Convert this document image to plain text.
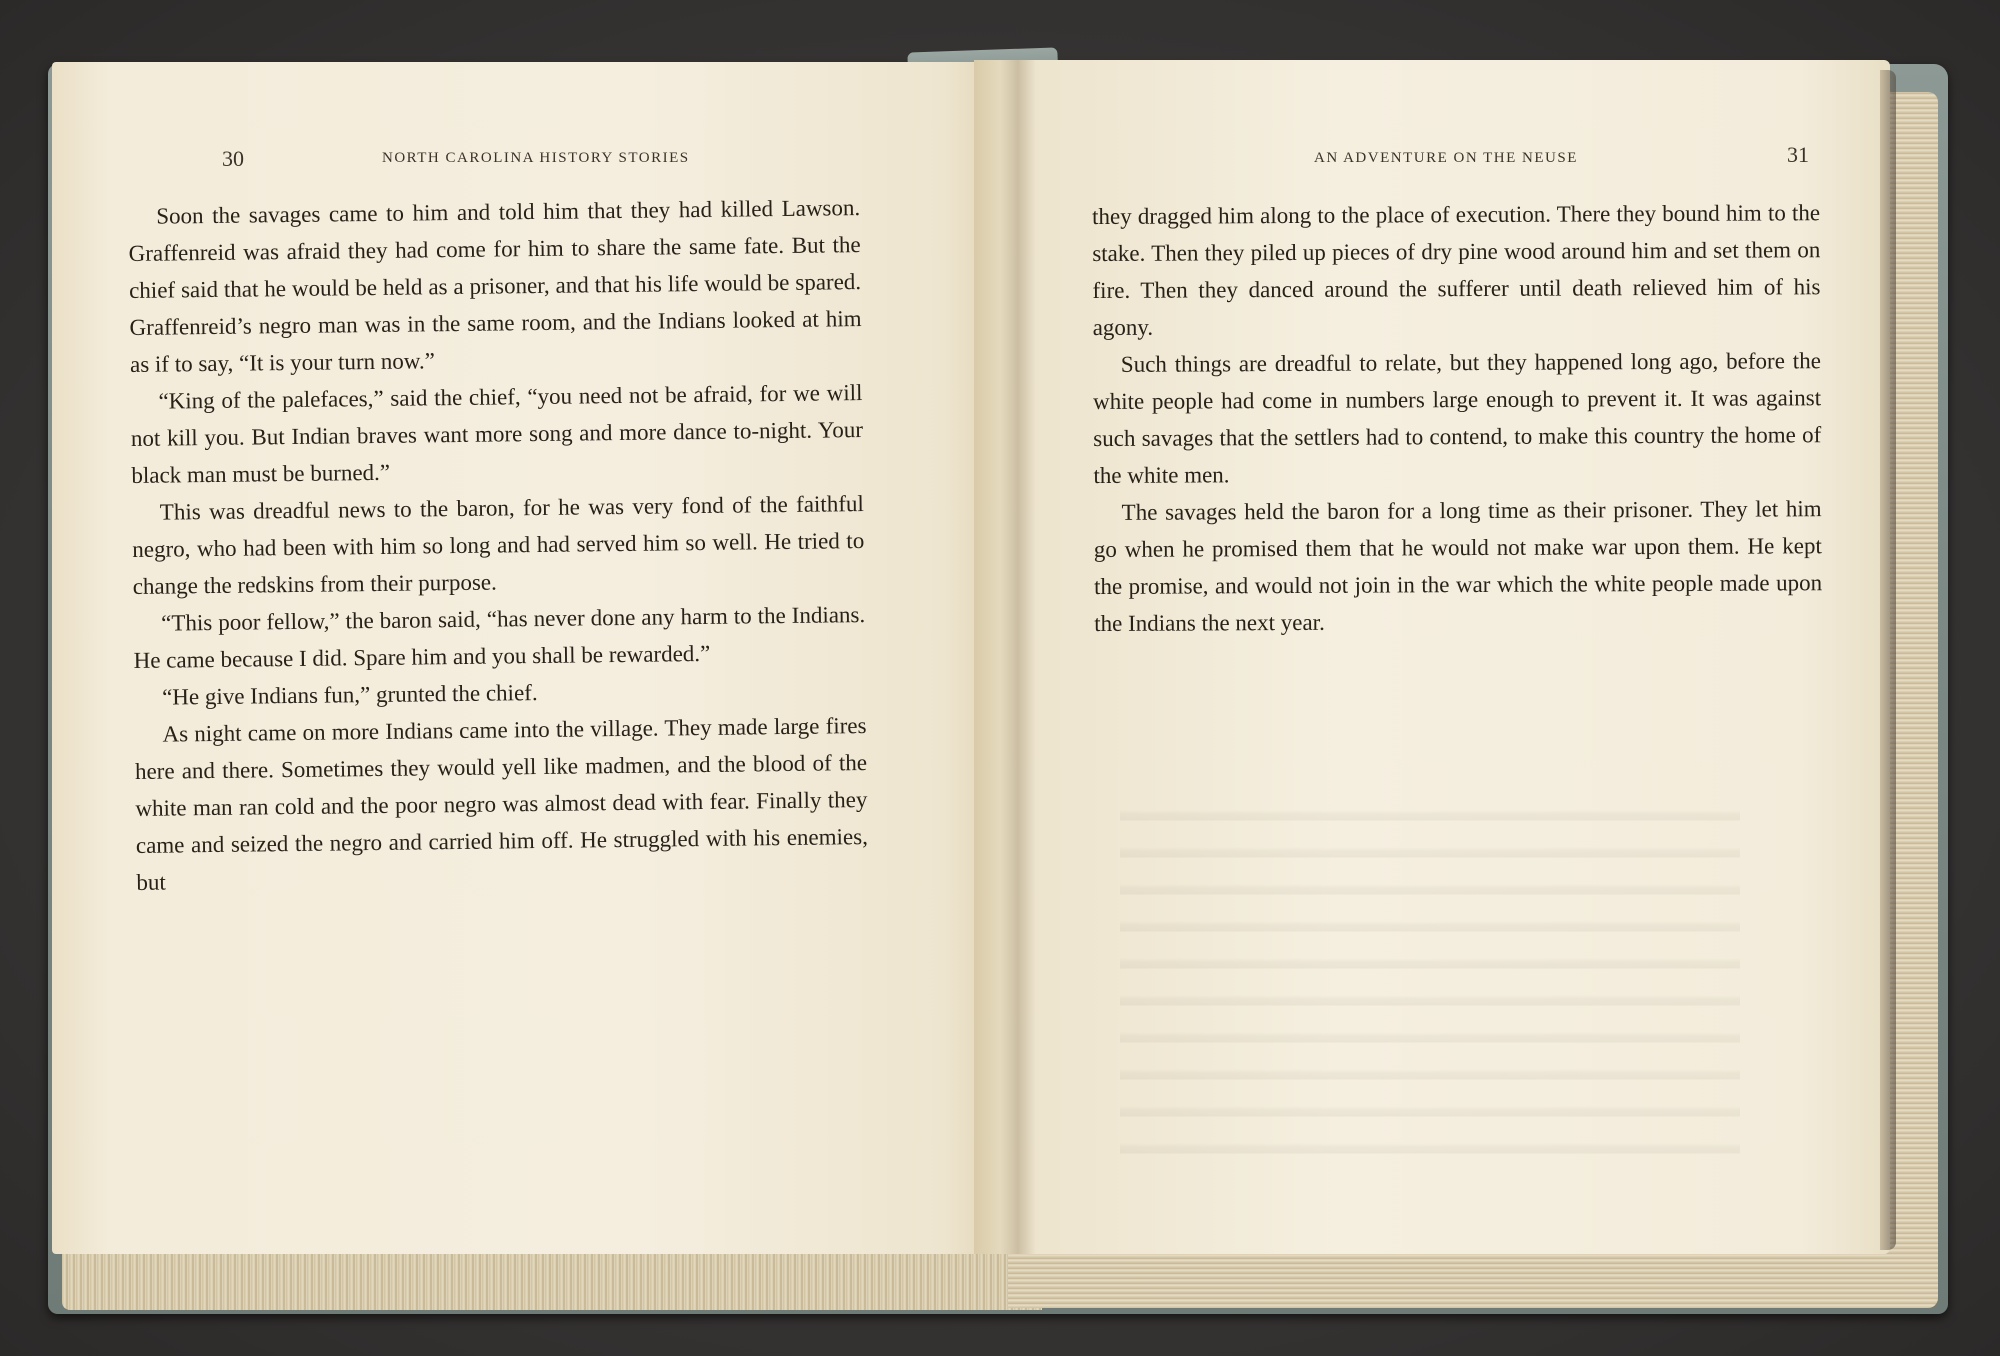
30	NORTH CAROLINA HISTORY STORIES	AN ADVENTURE ON THE NEUSE	31

Soon the savages came to him and told him that they had killed Lawson. Graffenreid was afraid they had come for him to share the same fate. But the chief said that he would be held as a prisoner, and that his life would be spared. Graffenreid’s negro man was in the same room, and the Indians looked at him as if to say, “It is your turn now.”

“King of the palefaces,” said the chief, “you need not be afraid, for we will not kill you. But Indian braves want more song and more dance to-night. Your black man must be burned.”

This was dreadful news to the baron, for he was very fond of the faithful negro, who had been with him so long and had served him so well. He tried to change the redskins from their purpose.

“This poor fellow,” the baron said, “has never done any harm to the Indians. He came because I did. Spare him and you shall be rewarded.”

“He give Indians fun,” grunted the chief.

As night came on more Indians came into the village. They made large fires here and there. Sometimes they would yell like madmen, and the blood of the white man ran cold and the poor negro was almost dead with fear. Finally they came and seized the negro and carried him off. He struggled with his enemies, but

they dragged him along to the place of execution. There they bound him to the stake. Then they piled up pieces of dry pine wood around him and set them on fire. Then they danced around the sufferer until death relieved him of his agony.

Such things are dreadful to relate, but they happened long ago, before the white people had come in numbers large enough to prevent it. It was against such savages that the settlers had to contend, to make this country the home of the white men.

The savages held the baron for a long time as their prisoner. They let him go when he promised them that he would not make war upon them. He kept the promise, and would not join in the war which the white people made upon the Indians the next year.
